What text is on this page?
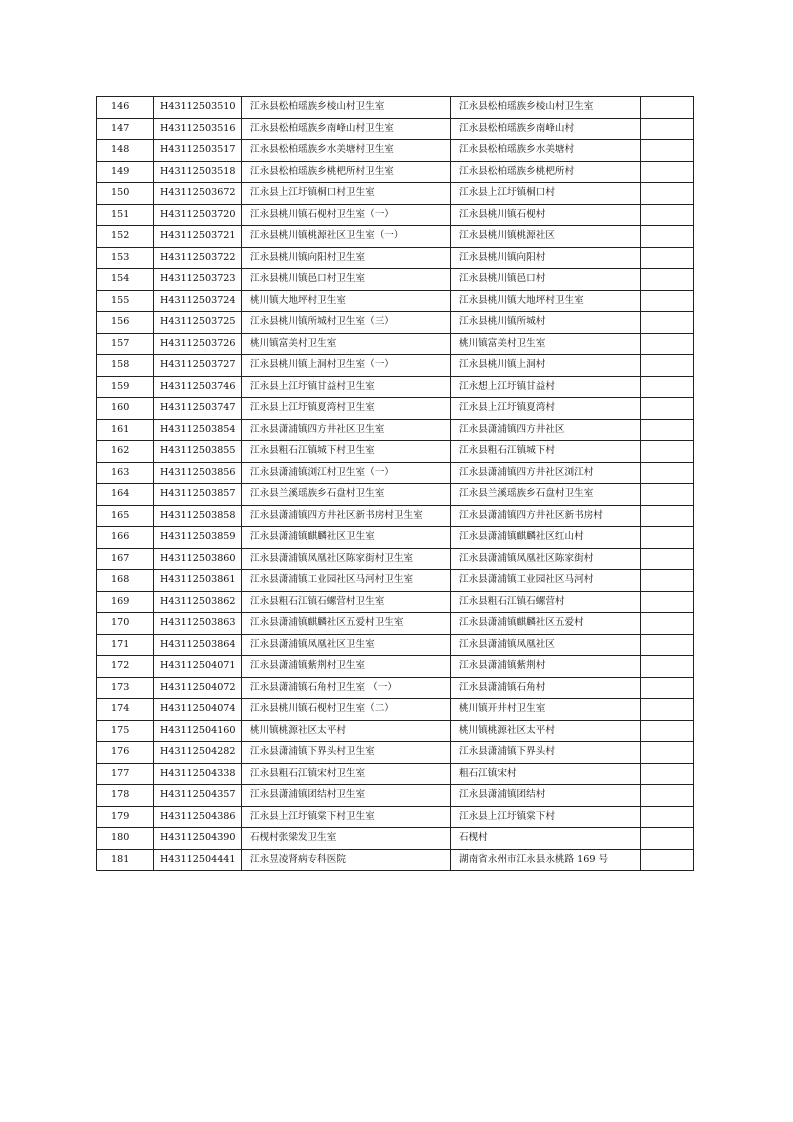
146	H43112503510	江永县松柏瑶族乡棱山村卫生室	江永县松柏瑶族乡棱山村卫生室	
147	H43112503516	江永县松柏瑶族乡南峰山村卫生室	江永县松柏瑶族乡南峰山村	
148	H43112503517	江永县松柏瑶族乡水美塘村卫生室	江永县松柏瑶族乡水美塘村	
149	H43112503518	江永县松柏瑶族乡桃杷所村卫生室	江永县松柏瑶族乡桃杷所村	
150	H43112503672	江永县上江圩镇桐口村卫生室	江永县上江圩镇桐口村	
151	H43112503720	江永县桃川镇石枧村卫生室（一）	江永县桃川镇石枧村	
152	H43112503721	江永县桃川镇桃源社区卫生室（一）	江永县桃川镇桃源社区	
153	H43112503722	江永县桃川镇向阳村卫生室	江永县桃川镇向阳村	
154	H43112503723	江永县桃川镇邑口村卫生室	江永县桃川镇邑口村	
155	H43112503724	桃川镇大地坪村卫生室	江永县桃川镇大地坪村卫生室	
156	H43112503725	江永县桃川镇所城村卫生室（三）	江永县桃川镇所城村	
157	H43112503726	桃川镇富美村卫生室	桃川镇富美村卫生室	
158	H43112503727	江永县桃川镇上洞村卫生室（一）	江永县桃川镇上洞村	
159	H43112503746	江永县上江圩镇甘益村卫生室	江永想上江圩镇甘益村	
160	H43112503747	江永县上江圩镇夏湾村卫生室	江永县上江圩镇夏湾村	
161	H43112503854	江永县潇浦镇四方井社区卫生室	江永县潇浦镇四方井社区	
162	H43112503855	江永县粗石江镇城下村卫生室	江永县粗石江镇城下村	
163	H43112503856	江永县潇浦镇浏江村卫生室（一）	江永县潇浦镇四方井社区浏江村	
164	H43112503857	江永县兰溪瑶族乡石盘村卫生室	江永县兰溪瑶族乡石盘村卫生室	
165	H43112503858	江永县潇浦镇四方井社区新书房村卫生室	江永县潇浦镇四方井社区新书房村	
166	H43112503859	江永县潇浦镇麒麟社区卫生室	江永县潇浦镇麒麟社区红山村	
167	H43112503860	江永县潇浦镇凤凰社区陈家街村卫生室	江永县潇浦镇凤凰社区陈家街村	
168	H43112503861	江永县潇浦镇工业园社区马河村卫生室	江永县潇浦镇工业园社区马河村	
169	H43112503862	江永县粗石江镇石螺营村卫生室	江永县粗石江镇石螺营村	
170	H43112503863	江永县潇浦镇麒麟社区五爱村卫生室	江永县潇浦镇麒麟社区五爱村	
171	H43112503864	江永县潇浦镇凤凰社区卫生室	江永县潇浦镇凤凰社区	
172	H43112504071	江永县潇浦镇紫荆村卫生室	江永县潇浦镇紫荆村	
173	H43112504072	江永县潇浦镇石角村卫生室 （一）	江永县潇浦镇石角村	
174	H43112504074	江永县桃川镇石枧村卫生室（二）	桃川镇开井村卫生室	
175	H43112504160	桃川镇桃源社区太平村	桃川镇桃源社区太平村	
176	H43112504282	江永县潇浦镇下界头村卫生室	江永县潇浦镇下界头村	
177	H43112504338	江永县粗石江镇宋村卫生室	粗石江镇宋村	
178	H43112504357	江永县潇浦镇团结村卫生室	江永县潇浦镇团结村	
179	H43112504386	江永县上江圩镇棠下村卫生室	江永县上江圩镇棠下村	
180	H43112504390	石枧村张梁发卫生室	石枧村	
181	H43112504441	江永昱凌肾病专科医院	湖南省永州市江永县永桃路 169 号	
